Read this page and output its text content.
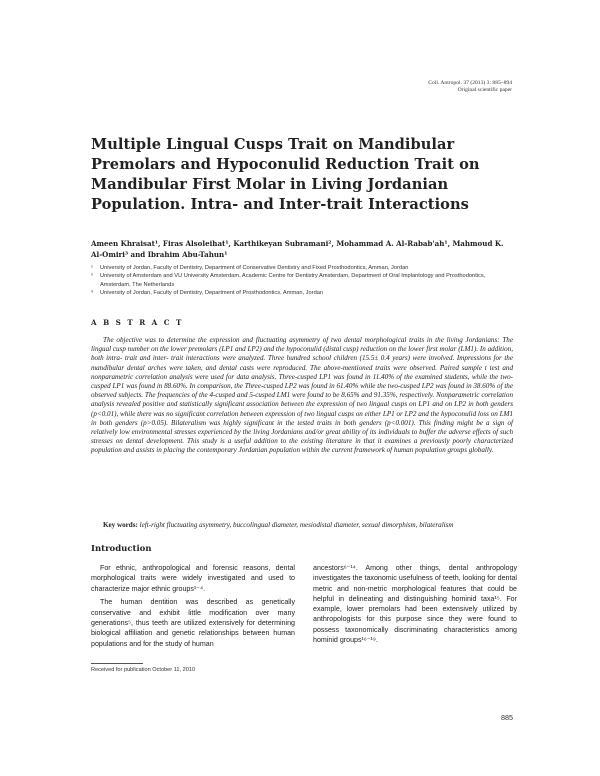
Coll. Antropol. 37 (2013) 3: 885–894
Original scientific paper
Multiple Lingual Cusps Trait on Mandibular Premolars and Hypoconulid Reduction Trait on Mandibular First Molar in Living Jordanian Population. Intra- and Inter-trait Interactions
Ameen Khraisat¹, Firas Alsoleihat¹, Karthikeyan Subramani², Mohammad A. Al-Rabab'ah¹, Mahmoud K. Al-Omiri³ and Ibrahim Abu-Tahun¹
¹	University of Jordan, Faculty of Dentistry, Department of Conservative Dentistry and Fixed Prosthodontics, Amman, Jordan
²	University of Amsterdam and VU University Amsterdam, Academic Centre for Dentistry Amsterdam, Department of Oral Implantology and Prosthodontics, Amsterdam, The Netherlands
³	University of Jordan, Faculty of Dentistry, Department of Prosthodontics, Amman, Jordan
A B S T R A C T
The objective was to determine the expression and fluctuating asymmetry of two dental morphological traits in the living Jordanians: The lingual cusp number on the lower premolars (LP1 and LP2) and the hypoconulid (distal cusp) reduction on the lower first molar (LM1). In addition, both intra- trait and inter- trait interactions were analyzed. Three hundred school children (15.5± 0.4 years) were involved. Impressions for the mandibular dental arches were taken, and dental casts were reproduced. The above-mentioned traits were observed. Paired sample t test and nonparametric correlation analysis were used for data analysis. Three-cusped LP1 was found in 11.40% of the examined students, while the two-cusped LP1 was found in 88.60%. In comparison, the Three-cusped LP2 was found in 61.40% while the two-cusped LP2 was found in 38.60% of the observed subjects. The frequencies of the 4-cusped and 5-cusped LM1 were found to be 8.65% and 91.35%, respectively. Nonparametric correlation analysis revealed positive and statistically significant association between the expression of two lingual cusps on LP1 and on LP2 in both genders (p<0.01), while there was no significant correlation between expression of two lingual cusps on either LP1 or LP2 and the hypoconulid loss on LM1 in both genders (p>0.05). Bilateralism was highly significant in the tested traits in both genders (p<0.001). This finding might be a sign of relatively low environmental stresses experienced by the living Jordanians and/or great ability of its individuals to buffer the adverse effects of such stresses on dental development. This study is a useful addition to the existing literature in that it examines a previously poorly characterized population and assists in placing the contemporary Jordanian population within the current framework of human population groups globally.
Key words: left-right fluctuating asymmetry, buccolingual diameter, mesiodistal diameter, sexual dimorphism, bilateralism
Introduction

For ethnic, anthropological and forensic reasons, dental morphological traits were widely investigated and used to characterize major ethnic groups¹⁻⁴.

The human dentition was described as genetically conservative and exhibit little modification over many generations⁵, thus teeth are utilized extensively for determining biological affiliation and genetic relationships between human populations and for the study of human

ancestors⁶⁻¹⁴. Among other things, dental anthropology investigates the taxonomic usefulness of teeth, looking for dental metric and non-metric morphological features that could be helpful in delineating and distinguishing hominid taxa¹⁵. For example, lower premolars had been extensively utilized by anthropologists for this purpose since they were found to possess taxonomically discriminating characteristics among hominid groups¹⁶⁻¹⁹.

Received for publication October 11, 2010
885
